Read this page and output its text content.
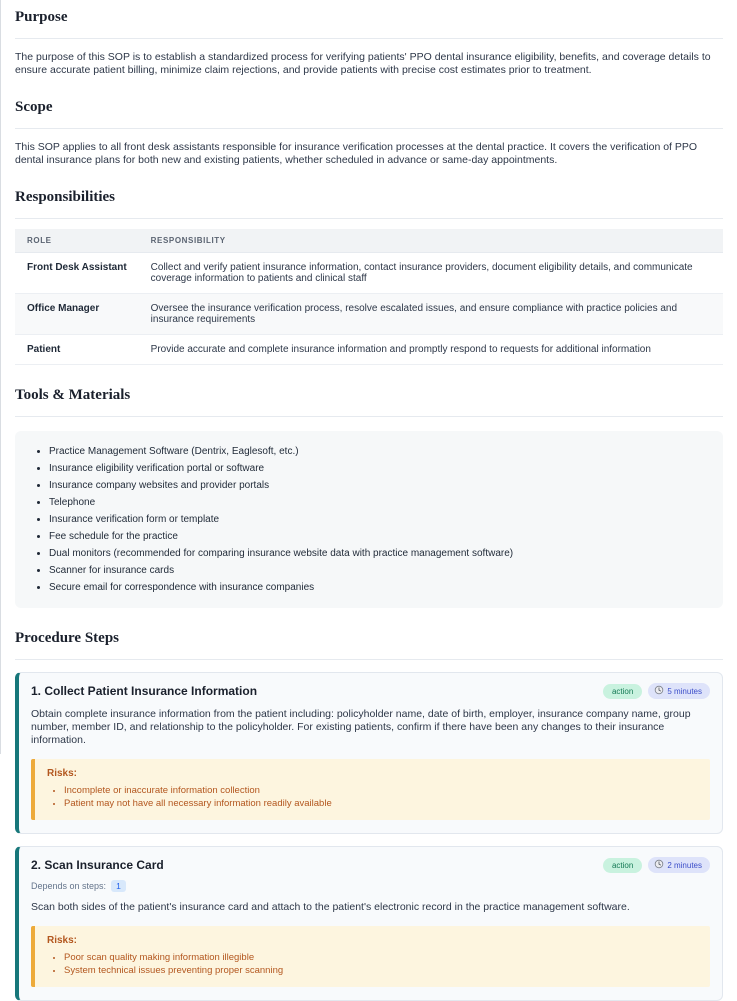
Purpose

The purpose of this SOP is to establish a standardized process for verifying patients' PPO dental insurance eligibility, benefits, and coverage details to ensure accurate patient billing, minimize claim rejections, and provide patients with precise cost estimates prior to treatment.

Scope

This SOP applies to all front desk assistants responsible for insurance verification processes at the dental practice. It covers the verification of PPO dental insurance plans for both new and existing patients, whether scheduled in advance or same-day appointments.

Responsibilities
ROLE	RESPONSIBILITY
Front Desk Assistant	Collect and verify patient insurance information, contact insurance providers, document eligibility details, and communicate coverage information to patients and clinical staff
Office Manager	Oversee the insurance verification process, resolve escalated issues, and ensure compliance with practice policies and insurance requirements
Patient	Provide accurate and complete insurance information and promptly respond to requests for additional information
Tools & Materials
• Practice Management Software (Dentrix, Eaglesoft, etc.)
• Insurance eligibility verification portal or software
• Insurance company websites and provider portals
• Telephone
• Insurance verification form or template
• Fee schedule for the practice
• Dual monitors (recommended for comparing insurance website data with practice management software)
• Scanner for insurance cards
• Secure email for correspondence with insurance companies
Procedure Steps
1. Collect Patient Insurance Information	action	5 minutes

Obtain complete insurance information from the patient including: policyholder name, date of birth, employer, insurance company name, group number, member ID, and relationship to the policyholder. For existing patients, confirm if there have been any changes to their insurance information.

Risks:
• Incomplete or inaccurate information collection
• Patient may not have all necessary information readily available
2. Scan Insurance Card	action	2 minutes
Depends on steps:	1

Scan both sides of the patient's insurance card and attach to the patient's electronic record in the practice management software.

Risks:
• Poor scan quality making information illegible
• System technical issues preventing proper scanning
